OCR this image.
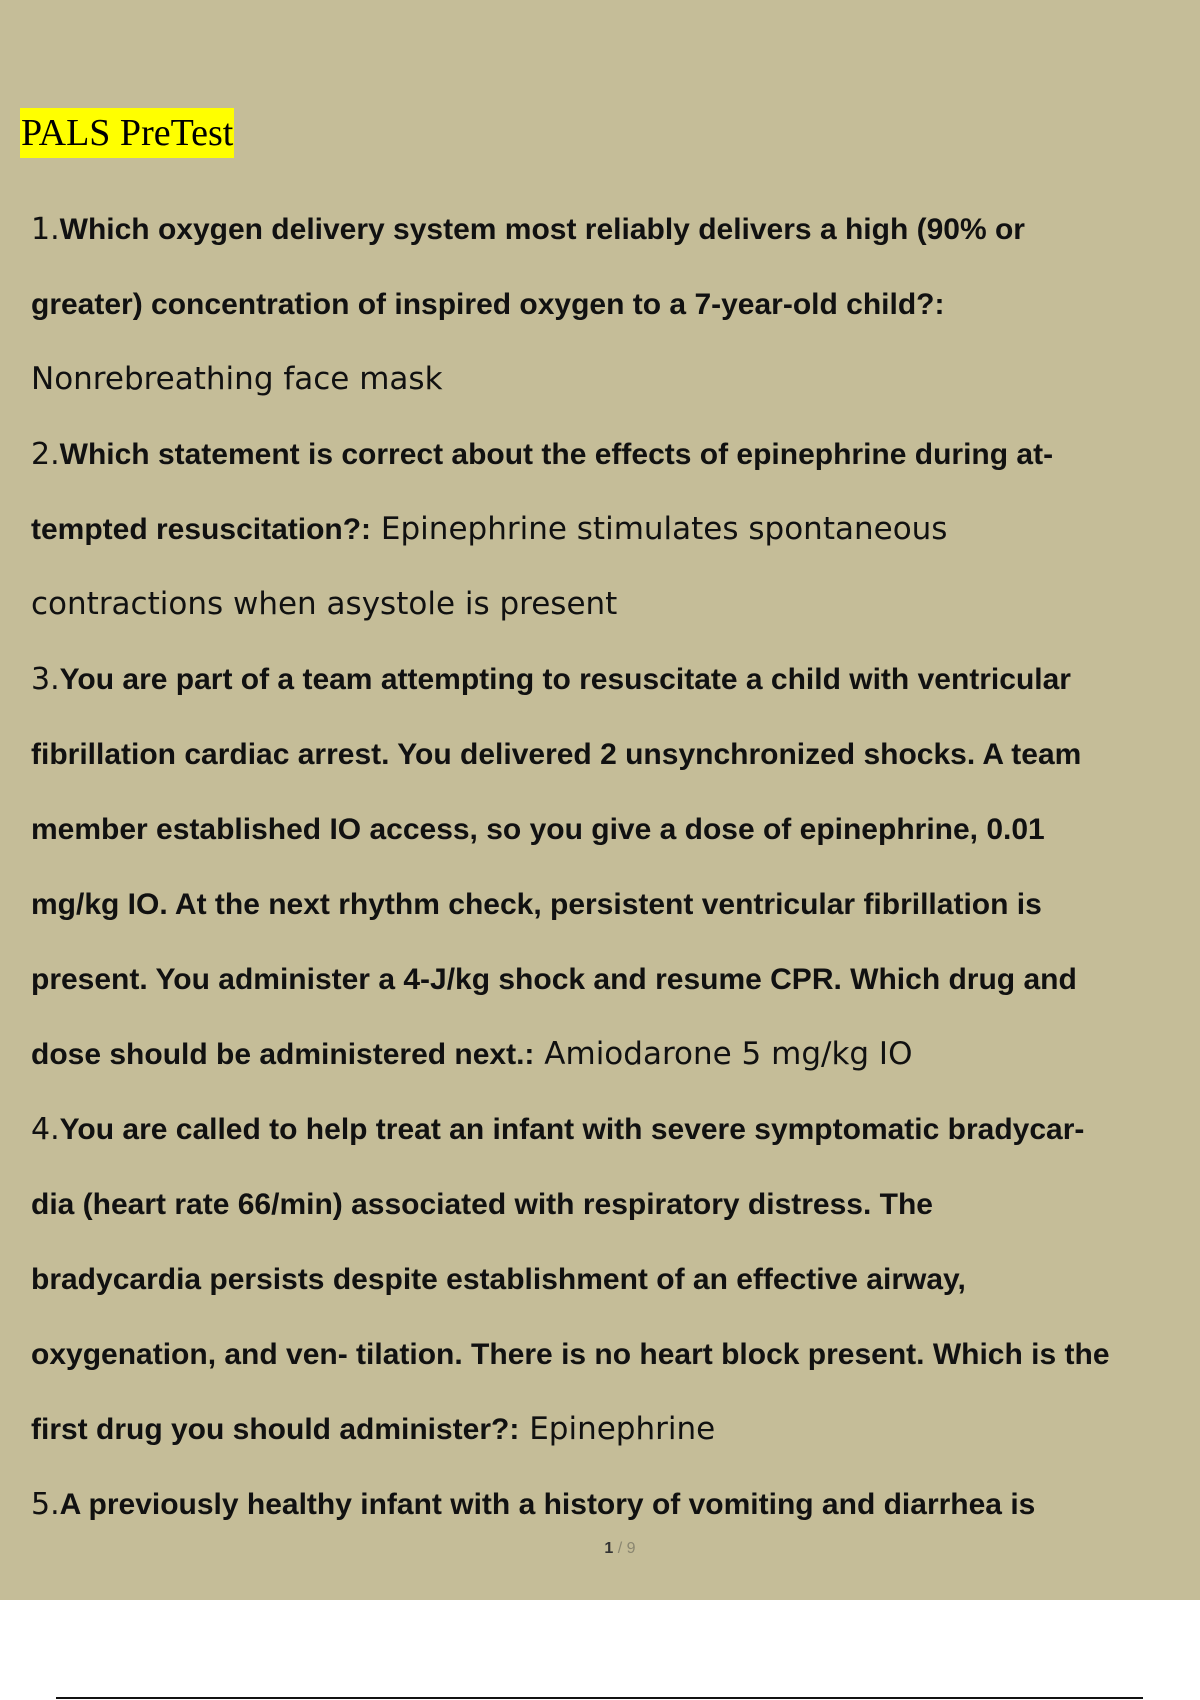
PALS PreTest
1.Which oxygen delivery system most reliably delivers a high (90% or
greater) concentration of inspired oxygen to a 7-year-old child?:
Nonrebreathing face mask
2.Which statement is correct about the effects of epinephrine during at-
tempted resuscitation?: Epinephrine stimulates spontaneous
contractions when asystole is present
3.You are part of a team attempting to resuscitate a child with ventricular
fibrillation cardiac arrest. You delivered 2 unsynchronized shocks. A team
member established IO access, so you give a dose of epinephrine, 0.01
mg/kg IO. At the next rhythm check, persistent ventricular fibrillation is
present. You administer a 4-J/kg shock and resume CPR. Which drug and
dose should be administered next.: Amiodarone 5 mg/kg IO
4.You are called to help treat an infant with severe symptomatic bradycar-
dia (heart rate 66/min) associated with respiratory distress. The
bradycardia persists despite establishment of an effective airway,
oxygenation, and ven- tilation. There is no heart block present. Which is the
first drug you should administer?: Epinephrine
5.A previously healthy infant with a history of vomiting and diarrhea is
1 / 9
